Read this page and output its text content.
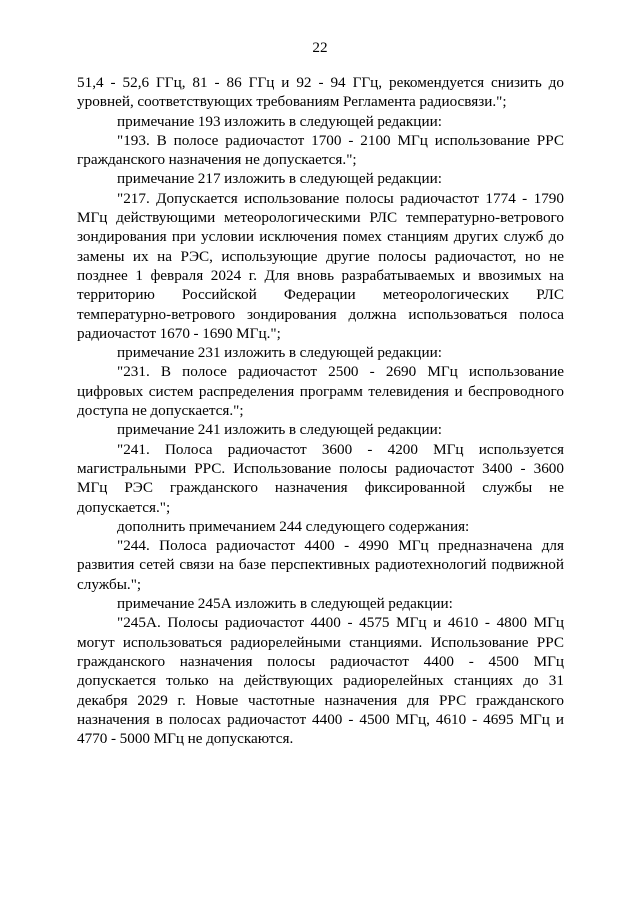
22

51,4 - 52,6 ГГц, 81 - 86 ГГц и 92 - 94 ГГц, рекомендуется снизить до уровней, соответствующих требованиям Регламента радиосвязи.";

примечание 193 изложить в следующей редакции:

"193. В полосе радиочастот 1700 - 2100 МГц использование РРС гражданского назначения не допускается.";

примечание 217 изложить в следующей редакции:

"217. Допускается использование полосы радиочастот 1774 - 1790 МГц действующими метеорологическими РЛС температурно-ветрового зондирования при условии исключения помех станциям других служб до замены их на РЭС, использующие другие полосы радиочастот, но не позднее 1 февраля 2024 г. Для вновь разрабатываемых и ввозимых на территорию Российской Федерации метеорологических РЛС температурно-ветрового зондирования должна использоваться полоса радиочастот 1670 - 1690 МГц.";

примечание 231 изложить в следующей редакции:

"231. В полосе радиочастот 2500 - 2690 МГц использование цифровых систем распределения программ телевидения и беспроводного доступа не допускается.";

примечание 241 изложить в следующей редакции:

"241. Полоса радиочастот 3600 - 4200 МГц используется магистральными РРС. Использование полосы радиочастот 3400 - 3600 МГц РЭС гражданского назначения фиксированной службы не допускается.";

дополнить примечанием 244 следующего содержания:

"244. Полоса радиочастот 4400 - 4990 МГц предназначена для развития сетей связи на базе перспективных радиотехнологий подвижной службы.";

примечание 245А изложить в следующей редакции:

"245А. Полосы радиочастот 4400 - 4575 МГц и 4610 - 4800 МГц могут использоваться радиорелейными станциями. Использование РРС гражданского назначения полосы радиочастот 4400 - 4500 МГц допускается только на действующих радиорелейных станциях до 31 декабря 2029 г. Новые частотные назначения для РРС гражданского назначения в полосах радиочастот 4400 - 4500 МГц, 4610 - 4695 МГц и 4770 - 5000 МГц не допускаются.
